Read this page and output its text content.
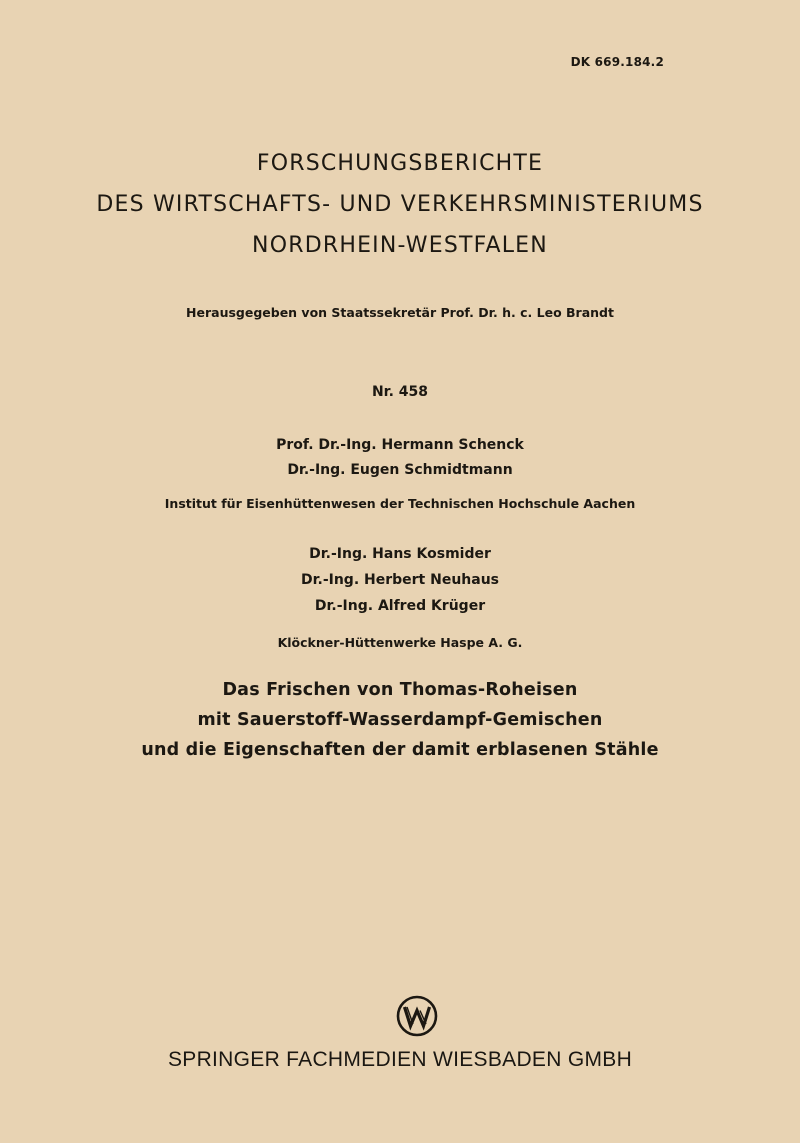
DK 669.184.2
FORSCHUNGSBERICHTE
DES WIRTSCHAFTS- UND VERKEHRSMINISTERIUMS
NORDRHEIN-WESTFALEN
Herausgegeben von Staatssekretär Prof. Dr. h. c. Leo Brandt
Nr. 458
Prof. Dr.-Ing. Hermann Schenck
Dr.-Ing. Eugen Schmidtmann
Institut für Eisenhüttenwesen der Technischen Hochschule Aachen
Dr.-Ing. Hans Kosmider
Dr.-Ing. Herbert Neuhaus
Dr.-Ing. Alfred Krüger
Klöckner-Hüttenwerke Haspe A. G.
Das Frischen von Thomas-Roheisen
mit Sauerstoff-Wasserdampf-Gemischen
und die Eigenschaften der damit erblasenen Stähle
SPRINGER FACHMEDIEN WIESBADEN GMBH
